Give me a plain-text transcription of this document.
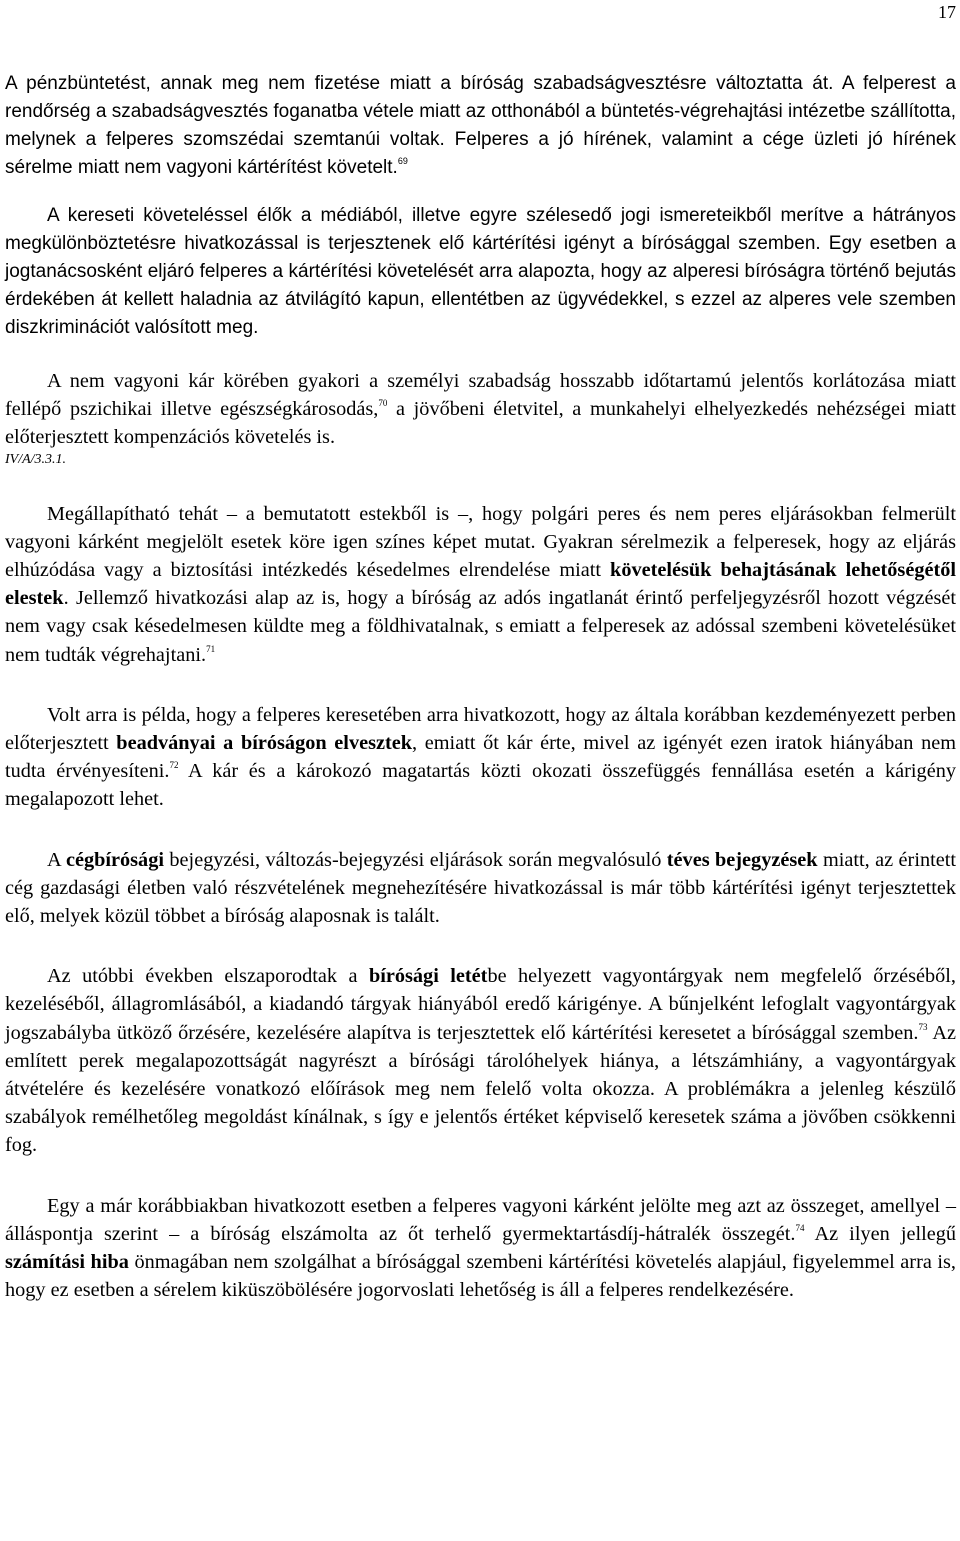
17

A pénzbüntetést, annak meg nem fizetése miatt a bíróság szabadságvesztésre változtatta át. A felperest a rendőrség a szabadságvesztés foganatba vétele miatt az otthonából a büntetés-végrehajtási intézetbe szállította, melynek a felperes szomszédai szemtanúi voltak. Felperes a jó hírének, valamint a cége üzleti jó hírének sérelme miatt nem vagyoni kártérítést követelt.$^{69}$

A kereseti követeléssel élők a médiából, illetve egyre szélesedő jogi ismereteikből merítve a hátrányos megkülönböztetésre hivatkozással is terjesztenek elő kártérítési igényt a bírósággal szemben. Egy esetben a jogtanácsosként eljáró felperes a kártérítési követelését arra alapozta, hogy az alperesi bíróságra történő bejutás érdekében át kellett haladnia az átvilágító kapun, ellentétben az ügyvédekkel, s ezzel az alperes vele szemben diszkriminációt valósított meg.

A nem vagyoni kár körében gyakori a személyi szabadság hosszabb időtartamú jelentős korlátozása miatt fellépő pszichikai illetve egészségkárosodás,$^{70}$ a jövőbeni életvitel, a munkahelyi elhelyezkedés nehézségei miatt előterjesztett kompenzációs követelés is.

IV/A/3.3.1.

Megállapítható tehát – a bemutatott estekből is –, hogy polgári peres és nem peres eljárásokban felmerült vagyoni kárként megjelölt esetek köre igen színes képet mutat. Gyakran sérelmezik a felperesek, hogy az eljárás elhúzódása vagy a biztosítási intézkedés késedelmes elrendelése miatt követelésük behajtásának lehetőségétől elestek. Jellemző hivatkozási alap az is, hogy a bíróság az adós ingatlanát érintő perfeljegyzésről hozott végzését nem vagy csak késedelmesen küldte meg a földhivatalnak, s emiatt a felperesek az adóssal szembeni követelésüket nem tudták végrehajtani.$^{71}$

Volt arra is példa, hogy a felperes keresetében arra hivatkozott, hogy az általa korábban kezdeményezett perben előterjesztett beadványai a bíróságon elvesztek, emiatt őt kár érte, mivel az igényét ezen iratok hiányában nem tudta érvényesíteni.$^{72}$ A kár és a károkozó magatartás közti okozati összefüggés fennállása esetén a kárigény megalapozott lehet.

A cégbírósági bejegyzési, változás-bejegyzési eljárások során megvalósuló téves bejegyzések miatt, az érintett cég gazdasági életben való részvételének megnehezítésére hivatkozással is már több kártérítési igényt terjesztettek elő, melyek közül többet a bíróság alaposnak is talált.

Az utóbbi években elszaporodtak a bírósági letétbe helyezett vagyontárgyak nem megfelelő őrzéséből, kezeléséből, állagromlásából, a kiadandó tárgyak hiányából eredő kárigénye. A bűnjelként lefoglalt vagyontárgyak jogszabályba ütköző őrzésére, kezelésére alapítva is terjesztettek elő kártérítési keresetet a bírósággal szemben.$^{73}$ Az említett perek megalapozottságát nagyrészt a bírósági tárolóhelyek hiánya, a létszámhiány, a vagyontárgyak átvételére és kezelésére vonatkozó előírások meg nem felelő volta okozza. A problémákra a jelenleg készülő szabályok remélhetőleg megoldást kínálnak, s így e jelentős értéket képviselő keresetek száma a jövőben csökkenni fog.

Egy a már korábbiakban hivatkozott esetben a felperes vagyoni kárként jelölte meg azt az összeget, amellyel – álláspontja szerint – a bíróság elszámolta az őt terhelő gyermektartásdíj-hátralék összegét.$^{74}$ Az ilyen jellegű számítási hiba önmagában nem szolgálhat a bírósággal szembeni kártérítési követelés alapjául, figyelemmel arra is, hogy ez esetben a sérelem kiküszöbölésére jogorvoslati lehetőség is áll a felperes rendelkezésére.
